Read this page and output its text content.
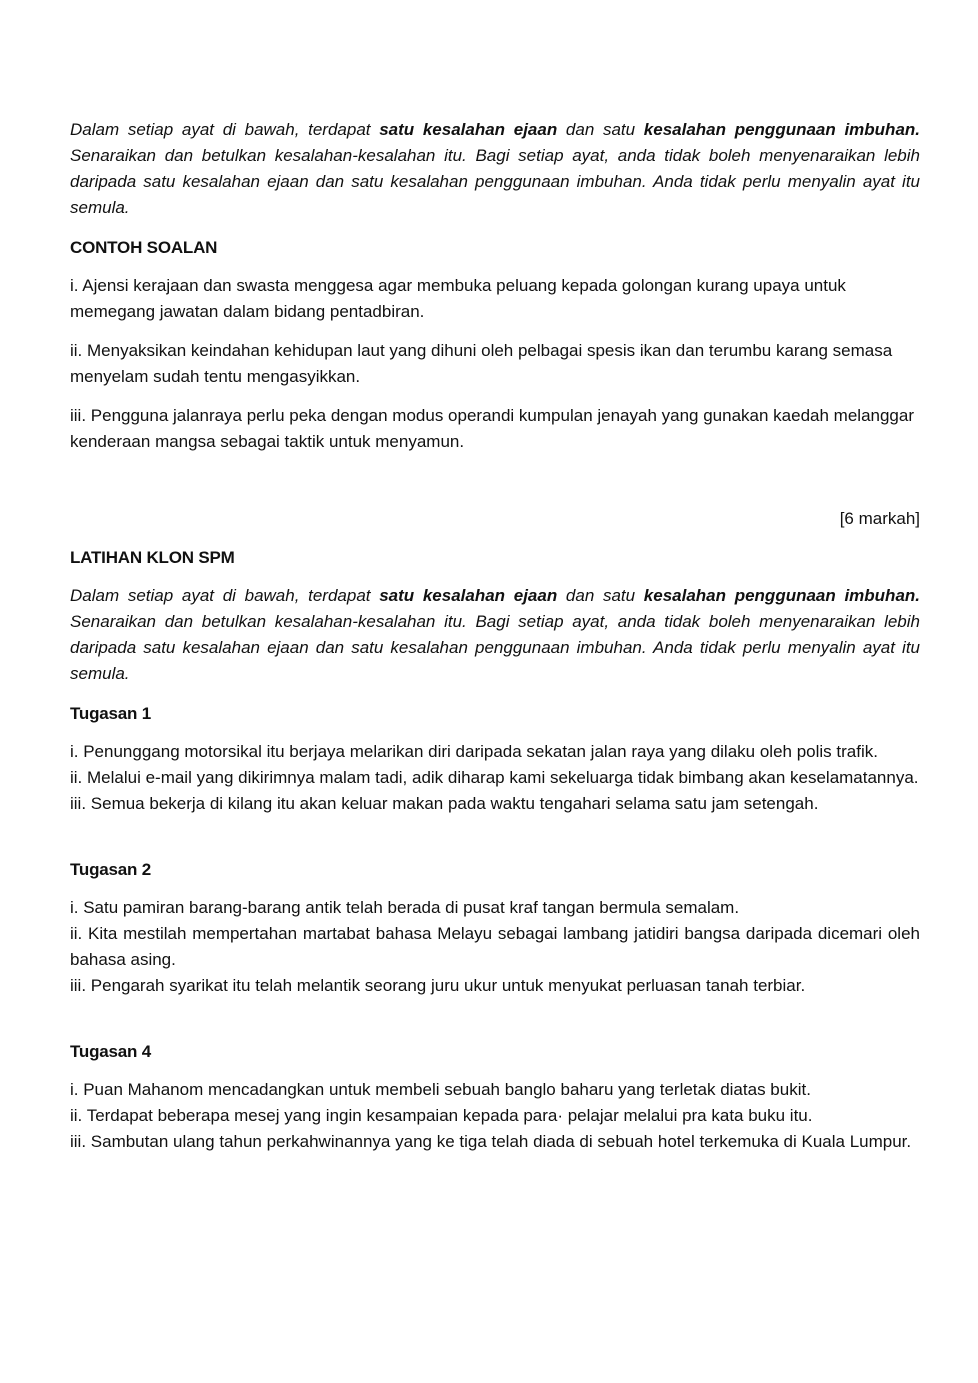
Dalam setiap ayat di bawah, terdapat satu kesalahan ejaan dan satu kesalahan penggunaan imbuhan. Senaraikan dan betulkan kesalahan-kesalahan itu. Bagi setiap ayat, anda tidak boleh menyenaraikan lebih daripada satu kesalahan ejaan dan satu kesalahan penggunaan imbuhan. Anda tidak perlu menyalin ayat itu semula.

CONTOH SOALAN

i. Ajensi kerajaan dan swasta menggesa agar membuka peluang kepada golongan kurang upaya untuk memegang jawatan dalam bidang pentadbiran.

ii. Menyaksikan keindahan kehidupan laut yang dihuni oleh pelbagai spesis ikan dan terumbu karang semasa menyelam sudah tentu mengasyikkan.

iii. Pengguna jalanraya perlu peka dengan modus operandi kumpulan jenayah yang gunakan kaedah melanggar kenderaan mangsa sebagai taktik untuk menyamun.

[6 markah]

LATIHAN KLON SPM

Dalam setiap ayat di bawah, terdapat satu kesalahan ejaan dan satu kesalahan penggunaan imbuhan. Senaraikan dan betulkan kesalahan-kesalahan itu. Bagi setiap ayat, anda tidak boleh menyenaraikan lebih daripada satu kesalahan ejaan dan satu kesalahan penggunaan imbuhan. Anda tidak perlu menyalin ayat itu semula.

Tugasan 1

i. Penunggang motorsikal itu berjaya melarikan diri daripada sekatan jalan raya yang dilaku oleh polis trafik.

ii. Melalui e-mail yang dikirimnya malam tadi, adik diharap kami sekeluarga tidak bimbang akan keselamatannya.

iii. Semua bekerja di kilang itu akan keluar makan pada waktu tengahari selama satu jam setengah.

Tugasan 2

i. Satu pamiran barang-barang antik telah berada di pusat kraf tangan bermula semalam.

ii. Kita mestilah mempertahan martabat bahasa Melayu sebagai lambang jatidiri bangsa daripada dicemari oleh bahasa asing.

iii. Pengarah syarikat itu telah melantik seorang juru ukur untuk menyukat perluasan tanah terbiar.

Tugasan 4

i. Puan Mahanom mencadangkan untuk membeli sebuah banglo baharu yang terletak diatas bukit.

ii. Terdapat beberapa mesej yang ingin kesampaian kepada para· pelajar melalui pra kata buku itu.

iii. Sambutan ulang tahun perkahwinannya yang ke tiga telah diada di sebuah hotel terkemuka di Kuala Lumpur.
